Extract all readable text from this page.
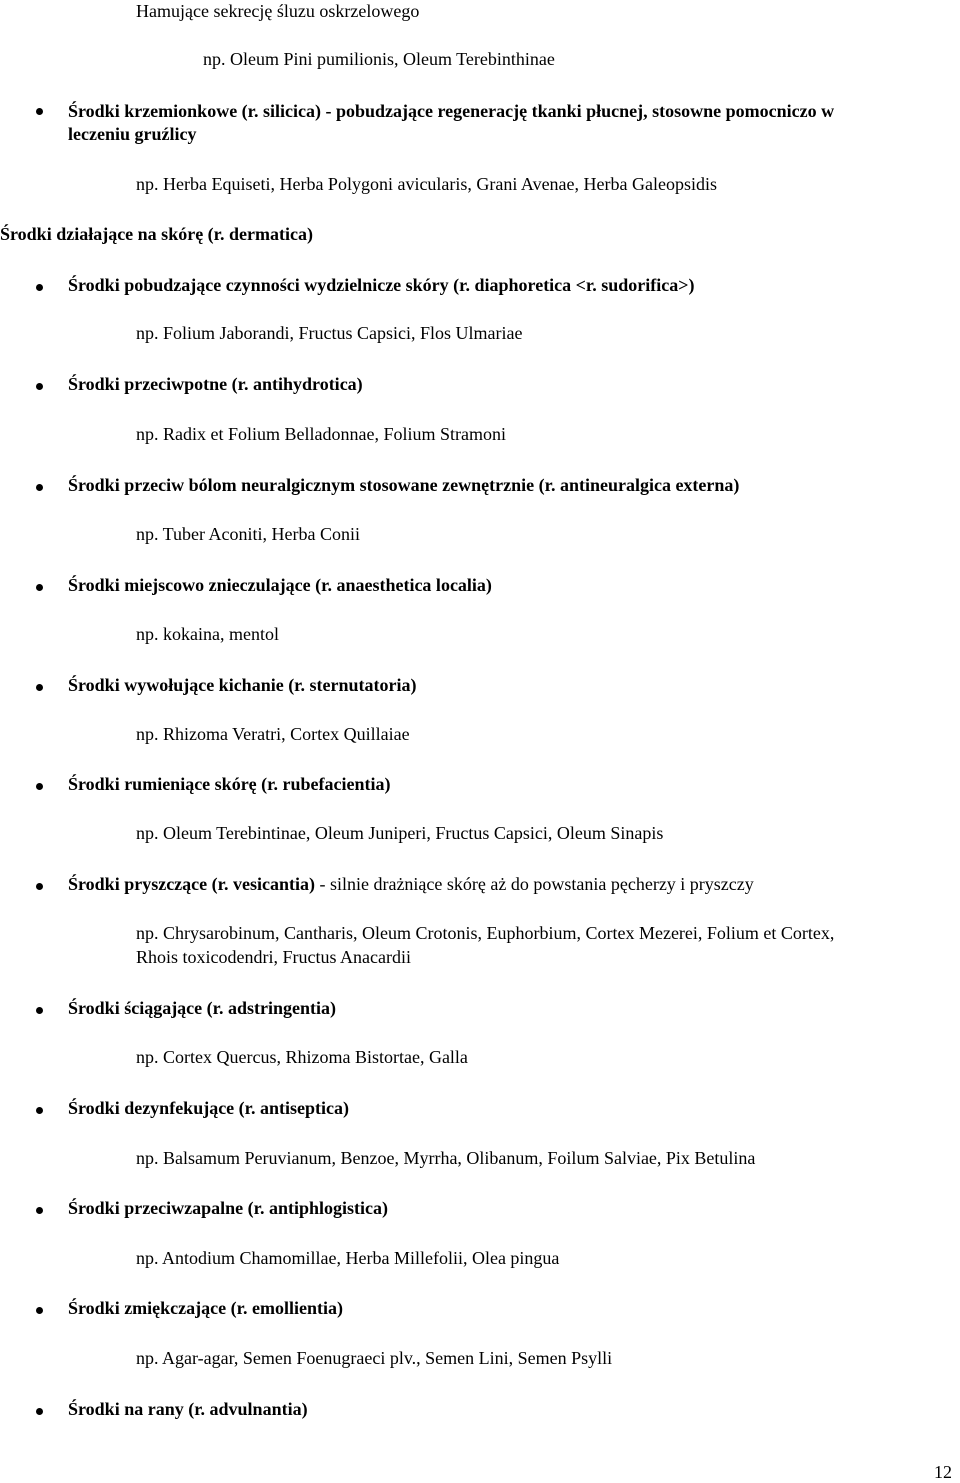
Hamujące sekrecję śluzu oskrzelowego
np. Oleum Pini pumilionis, Oleum Terebinthinae
Środki krzemionkowe (r. silicica) - pobudzające regenerację tkanki płucnej, stosowne pomocniczo w
leczeniu gruźlicy
np. Herba Equiseti, Herba Polygoni avicularis, Grani Avenae, Herba Galeopsidis
Środki działające na skórę (r. dermatica)
Środki pobudzające czynności wydzielnicze skóry (r. diaphoretica <r. sudorifica>)
np. Folium Jaborandi, Fructus Capsici, Flos Ulmariae
Środki przeciwpotne (r. antihydrotica)
np. Radix et Folium Belladonnae, Folium Stramoni
Środki przeciw bólom neuralgicznym stosowane zewnętrznie (r. antineuralgica externa)
np. Tuber Aconiti, Herba Conii
Środki miejscowo znieczulające (r. anaesthetica localia)
np. kokaina, mentol
Środki wywołujące kichanie (r. sternutatoria)
np. Rhizoma Veratri, Cortex Quillaiae
Środki rumieniące skórę (r. rubefacientia)
np. Oleum Terebintinae, Oleum Juniperi, Fructus Capsici, Oleum Sinapis
Środki pryszczące (r. vesicantia) - silnie drażniące skórę aż do powstania pęcherzy i pryszczy
np. Chrysarobinum, Cantharis, Oleum Crotonis, Euphorbium, Cortex Mezerei, Folium et Cortex,
Rhois toxicodendri, Fructus Anacardii
Środki ściągające (r. adstringentia)
np. Cortex Quercus, Rhizoma Bistortae, Galla
Środki dezynfekujące (r. antiseptica)
np. Balsamum Peruvianum, Benzoe, Myrrha, Olibanum, Foilum Salviae, Pix Betulina
Środki przeciwzapalne (r. antiphlogistica)
np. Antodium Chamomillae, Herba Millefolii, Olea pingua
Środki zmiękczające (r. emollientia)
np. Agar-agar, Semen Foenugraeci plv., Semen Lini, Semen Psylli
Środki na rany (r. advulnantia)
12
